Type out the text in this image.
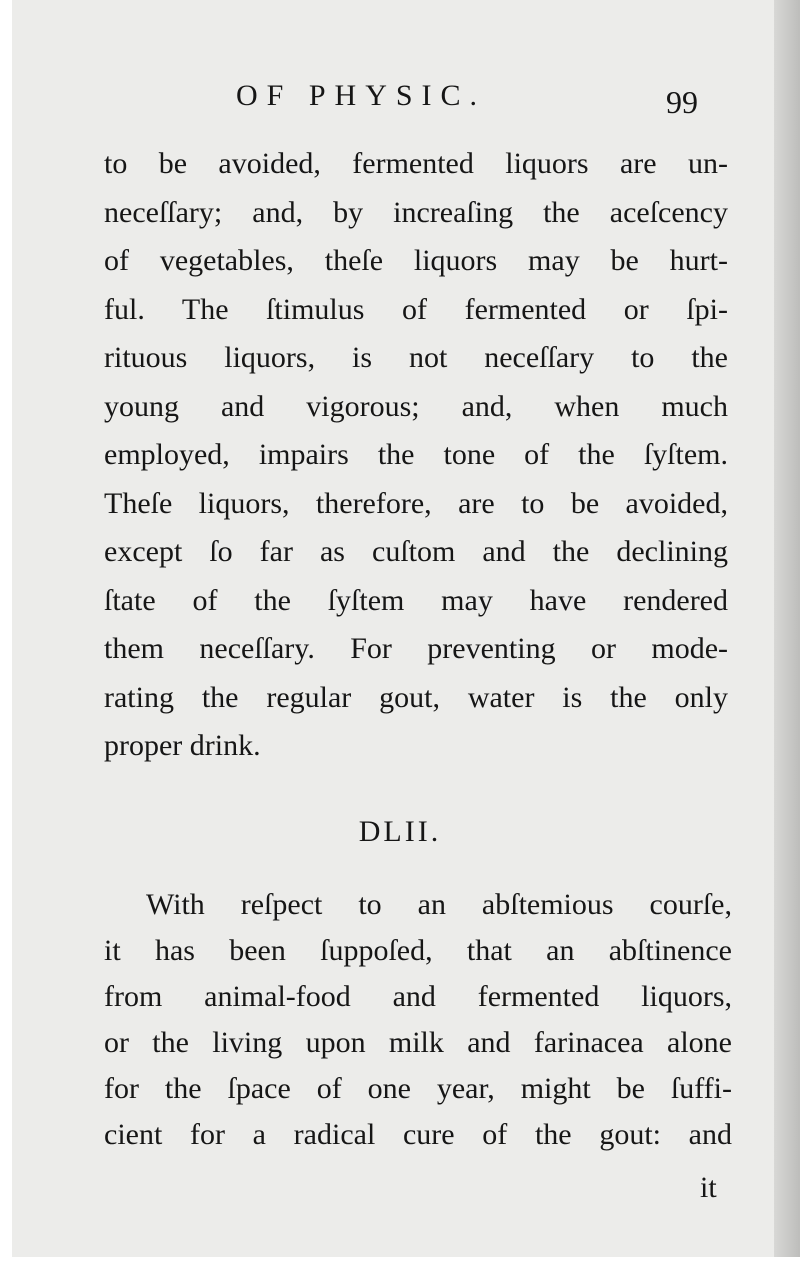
OF PHYSIC.	99
to be avoided, fermented liquors are un-
neceſſary; and, by increaſing the aceſcency
of vegetables, theſe liquors may be hurt-
ful. The ſtimulus of fermented or ſpi-
rituous liquors, is not neceſſary to the
young and vigorous; and, when much
employed, impairs the tone of the ſyſtem.
Theſe liquors, therefore, are to be avoided,
except ſo far as cuſtom and the declining
ſtate of the ſyſtem may have rendered
them neceſſary. For preventing or mode-
rating the regular gout, water is the only
proper drink.
DLII.
With reſpect to an abſtemious courſe,
it has been ſuppoſed, that an abſtinence
from animal-food and fermented liquors,
or the living upon milk and farinacea alone
for the ſpace of one year, might be ſuffi-
cient for a radical cure of the gout: and
it
